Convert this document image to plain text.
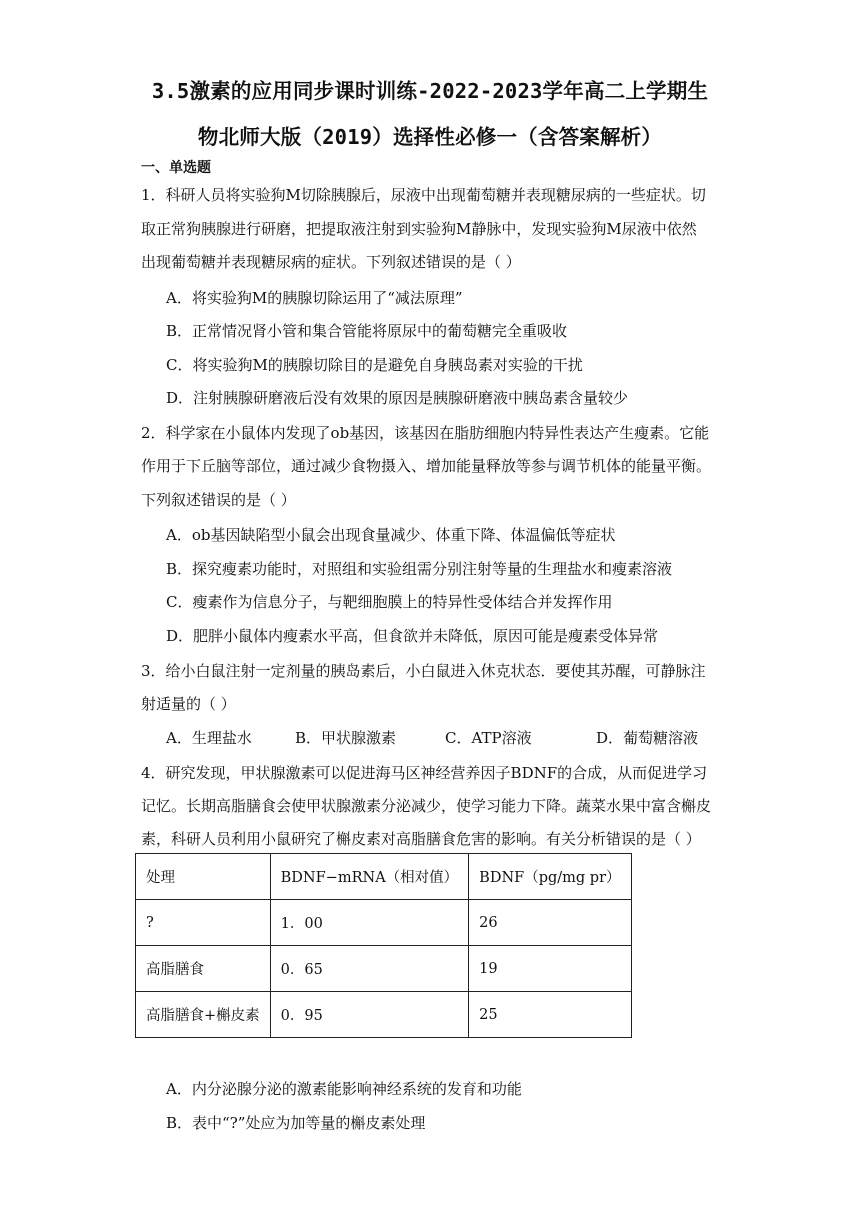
3.5激素的应用同步课时训练-2022-2023学年高二上学期生
物北师大版（2019）选择性必修一（含答案解析）
一、单选题
1．科研人员将实验狗M切除胰腺后，尿液中出现葡萄糖并表现糖尿病的一些症状。切
取正常狗胰腺进行研磨，把提取液注射到实验狗M静脉中，发现实验狗M尿液中依然
出现葡萄糖并表现糖尿病的症状。下列叙述错误的是（ ）
A．将实验狗M的胰腺切除运用了“减法原理”
B．正常情况肾小管和集合管能将原尿中的葡萄糖完全重吸收
C．将实验狗M的胰腺切除目的是避免自身胰岛素对实验的干扰
D．注射胰腺研磨液后没有效果的原因是胰腺研磨液中胰岛素含量较少
2．科学家在小鼠体内发现了ob基因，该基因在脂肪细胞内特异性表达产生瘦素。它能
作用于下丘脑等部位，通过减少食物摄入、增加能量释放等参与调节机体的能量平衡。
下列叙述错误的是（ ）
A．ob基因缺陷型小鼠会出现食量减少、体重下降、体温偏低等症状
B．探究瘦素功能时，对照组和实验组需分别注射等量的生理盐水和瘦素溶液
C．瘦素作为信息分子，与靶细胞膜上的特异性受体结合并发挥作用
D．肥胖小鼠体内瘦素水平高，但食欲并未降低，原因可能是瘦素受体异常
3．给小白鼠注射一定剂量的胰岛素后，小白鼠进入休克状态．要使其苏醒，可静脉注
射适量的（ ）
A．生理盐水	B．甲状腺激素	C．ATP溶液	D．葡萄糖溶液
4．研究发现，甲状腺激素可以促进海马区神经营养因子BDNF的合成，从而促进学习
记忆。长期高脂膳食会使甲状腺激素分泌减少，使学习能力下降。蔬菜水果中富含槲皮
素，科研人员利用小鼠研究了槲皮素对高脂膳食危害的影响。有关分析错误的是（ ）
处理	BDNF−mRNA（相对值）	BDNF（pg/mg pr）
?	1．00	26
高脂膳食	0．65	19
高脂膳食+槲皮素	0．95	25
A．内分泌腺分泌的激素能影响神经系统的发育和功能
B．表中“?”处应为加等量的槲皮素处理
